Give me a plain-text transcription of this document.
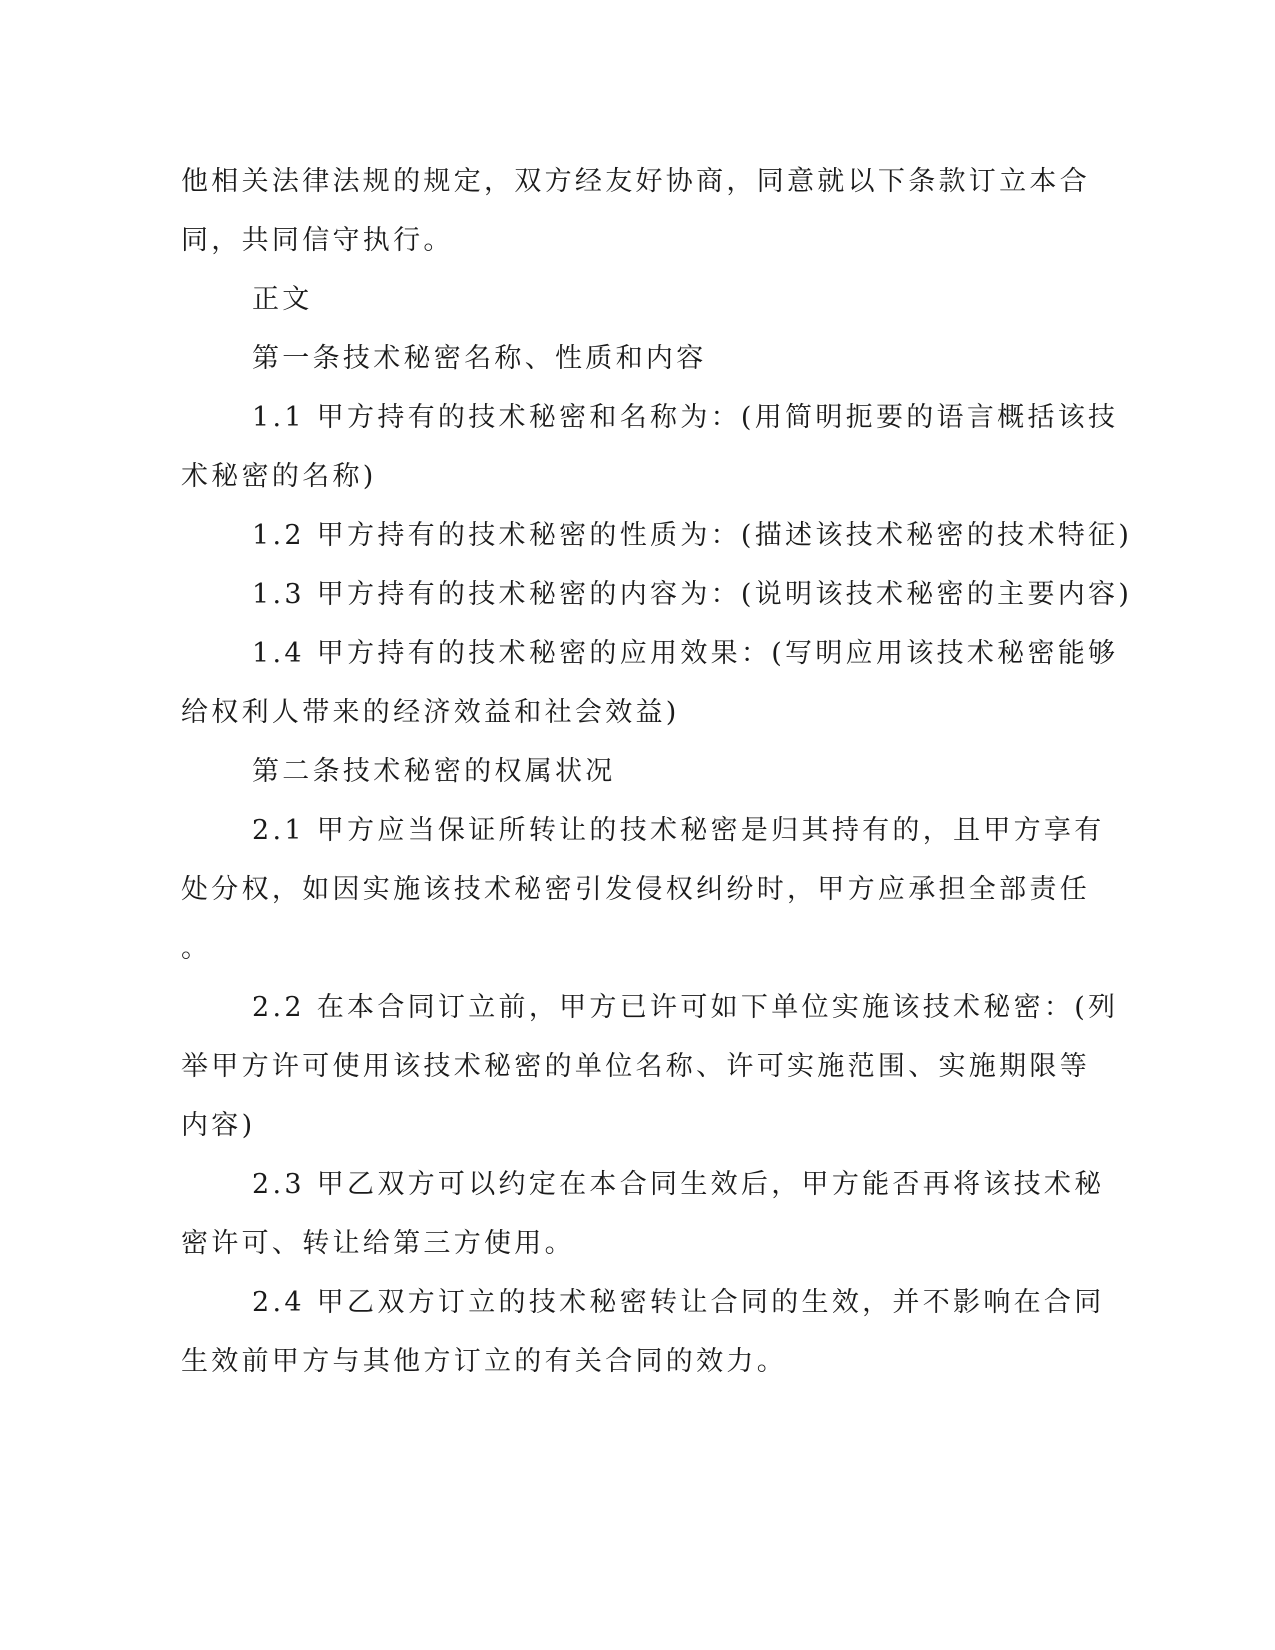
他相关法律法规的规定，双方经友好协商，同意就以下条款订立本合
同，共同信守执行。
正文
第一条技术秘密名称、性质和内容
1.1 甲方持有的技术秘密和名称为：(用简明扼要的语言概括该技
术秘密的名称)
1.2 甲方持有的技术秘密的性质为：(描述该技术秘密的技术特征)
1.3 甲方持有的技术秘密的内容为：(说明该技术秘密的主要内容)
1.4 甲方持有的技术秘密的应用效果：(写明应用该技术秘密能够
给权利人带来的经济效益和社会效益)
第二条技术秘密的权属状况
2.1 甲方应当保证所转让的技术秘密是归其持有的，且甲方享有
处分权，如因实施该技术秘密引发侵权纠纷时，甲方应承担全部责任
。
2.2 在本合同订立前，甲方已许可如下单位实施该技术秘密：(列
举甲方许可使用该技术秘密的单位名称、许可实施范围、实施期限等
内容)
2.3 甲乙双方可以约定在本合同生效后，甲方能否再将该技术秘
密许可、转让给第三方使用。
2.4 甲乙双方订立的技术秘密转让合同的生效，并不影响在合同
生效前甲方与其他方订立的有关合同的效力。
